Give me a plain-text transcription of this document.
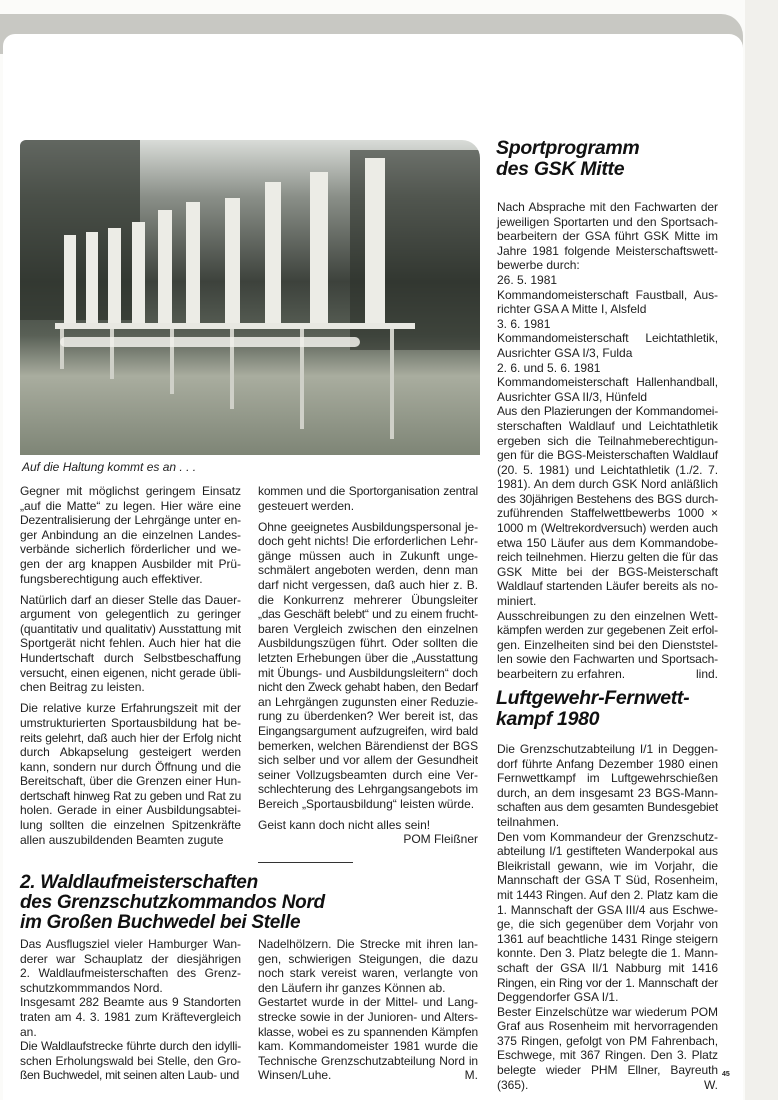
Auf die Haltung kommt es an . . .
Gegner mit möglichst geringem Einsatz
„auf die Matte“ zu legen. Hier wäre eine
Dezentralisierung der Lehrgänge unter en-
ger Anbindung an die einzelnen Landes-
verbände sicherlich förderlicher und we-
gen der arg knappen Ausbilder mit Prü-
fungsberechtigung auch effektiver.
Natürlich darf an dieser Stelle das Dauer-
argument von gelegentlich zu geringer
(quantitativ und qualitativ) Ausstattung mit
Sportgerät nicht fehlen. Auch hier hat die
Hundertschaft durch Selbstbeschaffung
versucht, einen eigenen, nicht gerade übli-
chen Beitrag zu leisten.
Die relative kurze Erfahrungszeit mit der
umstrukturierten Sportausbildung hat be-
reits gelehrt, daß auch hier der Erfolg nicht
durch Abkapselung gesteigert werden
kann, sondern nur durch Öffnung und die
Bereitschaft, über die Grenzen einer Hun-
dertschaft hinweg Rat zu geben und Rat zu
holen. Gerade in einer Ausbildungsabtei-
lung sollten die einzelnen Spitzenkräfte
allen auszubildenden Beamten zugute
kommen und die Sportorganisation zentral
gesteuert werden.
Ohne geeignetes Ausbildungspersonal je-
doch geht nichts! Die erforderlichen Lehr-
gänge müssen auch in Zukunft unge-
schmälert angeboten werden, denn man
darf nicht vergessen, daß auch hier z. B.
die Konkurrenz mehrerer Übungsleiter
„das Geschäft belebt“ und zu einem frucht-
baren Vergleich zwischen den einzelnen
Ausbildungszügen führt. Oder sollten die
letzten Erhebungen über die „Ausstattung
mit Übungs- und Ausbildungsleitern“ doch
nicht den Zweck gehabt haben, den Bedarf
an Lehrgängen zugunsten einer Reduzie-
rung zu überdenken? Wer bereit ist, das
Eingangsargument aufzugreifen, wird bald
bemerken, welchen Bärendienst der BGS
sich selber und vor allem der Gesundheit
seiner Vollzugsbeamten durch eine Ver-
schlechterung des Lehrgangsangebots im
Bereich „Sportausbildung“ leisten würde.
Geist kann doch nicht alles sein!
POM Fleißner
2. Waldlaufmeisterschaften
des Grenzschutzkommandos Nord
im Großen Buchwedel bei Stelle
Das Ausflugsziel vieler Hamburger Wan-
derer war Schauplatz der diesjährigen
2. Waldlaufmeisterschaften des Grenz-
schutzkommmandos Nord.
Insgesamt 282 Beamte aus 9 Standorten
traten am 4. 3. 1981 zum Kräftevergleich
an.
Die Waldlaufstrecke führte durch den idylli-
schen Erholungswald bei Stelle, den Gro-
ßen Buchwedel, mit seinen alten Laub- und
Nadelhölzern. Die Strecke mit ihren lan-
gen, schwierigen Steigungen, die dazu
noch stark vereist waren, verlangte von
den Läufern ihr ganzes Können ab.
Gestartet wurde in der Mittel- und Lang-
strecke sowie in der Junioren- und Alters-
klasse, wobei es zu spannenden Kämpfen
kam. Kommandomeister 1981 wurde die
Technische Grenzschutzabteilung Nord in
M.
Winsen/Luhe.
Sportprogramm
des GSK Mitte
Nach Absprache mit den Fachwarten der
jeweiligen Sportarten und den Sportsach-
bearbeitern der GSA führt GSK Mitte im
Jahre 1981 folgende Meisterschaftswett-
bewerbe durch:
26. 5. 1981
Kommandomeisterschaft Faustball, Aus-
richter GSA A Mitte I, Alsfeld
3. 6. 1981
Kommandomeisterschaft Leichtathletik,
Ausrichter GSA I/3, Fulda
2. 6. und 5. 6. 1981
Kommandomeisterschaft Hallenhandball,
Ausrichter GSA II/3, Hünfeld
Aus den Plazierungen der Kommandomei-
sterschaften Waldlauf und Leichtathletik
ergeben sich die Teilnahmeberechtigun-
gen für die BGS-Meisterschaften Waldlauf
(20. 5. 1981) und Leichtathletik (1./2. 7.
1981). An dem durch GSK Nord anläßlich
des 30jährigen Bestehens des BGS durch-
zuführenden Staffelwettbewerbs 1000 ×
1000 m (Weltrekordversuch) werden auch
etwa 150 Läufer aus dem Kommandobe-
reich teilnehmen. Hierzu gelten die für das
GSK Mitte bei der BGS-Meisterschaft
Waldlauf startenden Läufer bereits als no-
miniert.
Ausschreibungen zu den einzelnen Wett-
kämpfen werden zur gegebenen Zeit erfol-
gen. Einzelheiten sind bei den Dienststel-
len sowie den Fachwarten und Sportsach-
lind.
bearbeitern zu erfahren.
Luftgewehr-Fernwett-
kampf 1980
Die Grenzschutzabteilung I/1 in Deggen-
dorf führte Anfang Dezember 1980 einen
Fernwettkampf im Luftgewehrschießen
durch, an dem insgesamt 23 BGS-Mann-
schaften aus dem gesamten Bundesgebiet
teilnahmen.
Den vom Kommandeur der Grenzschutz-
abteilung I/1 gestifteten Wanderpokal aus
Bleikristall gewann, wie im Vorjahr, die
Mannschaft der GSA T Süd, Rosenheim,
mit 1443 Ringen. Auf den 2. Platz kam die
1. Mannschaft der GSA III/4 aus Eschwe-
ge, die sich gegenüber dem Vorjahr von
1361 auf beachtliche 1431 Ringe steigern
konnte. Den 3. Platz belegte die 1. Mann-
schaft der GSA II/1 Nabburg mit 1416
Ringen, ein Ring vor der 1. Mannschaft der
Deggendorfer GSA I/1.
Bester Einzelschütze war wiederum POM
Graf aus Rosenheim mit hervorragenden
375 Ringen, gefolgt von PM Fahrenbach,
Eschwege, mit 367 Ringen. Den 3. Platz
belegte wieder PHM Ellner, Bayreuth
W.
(365).
45
